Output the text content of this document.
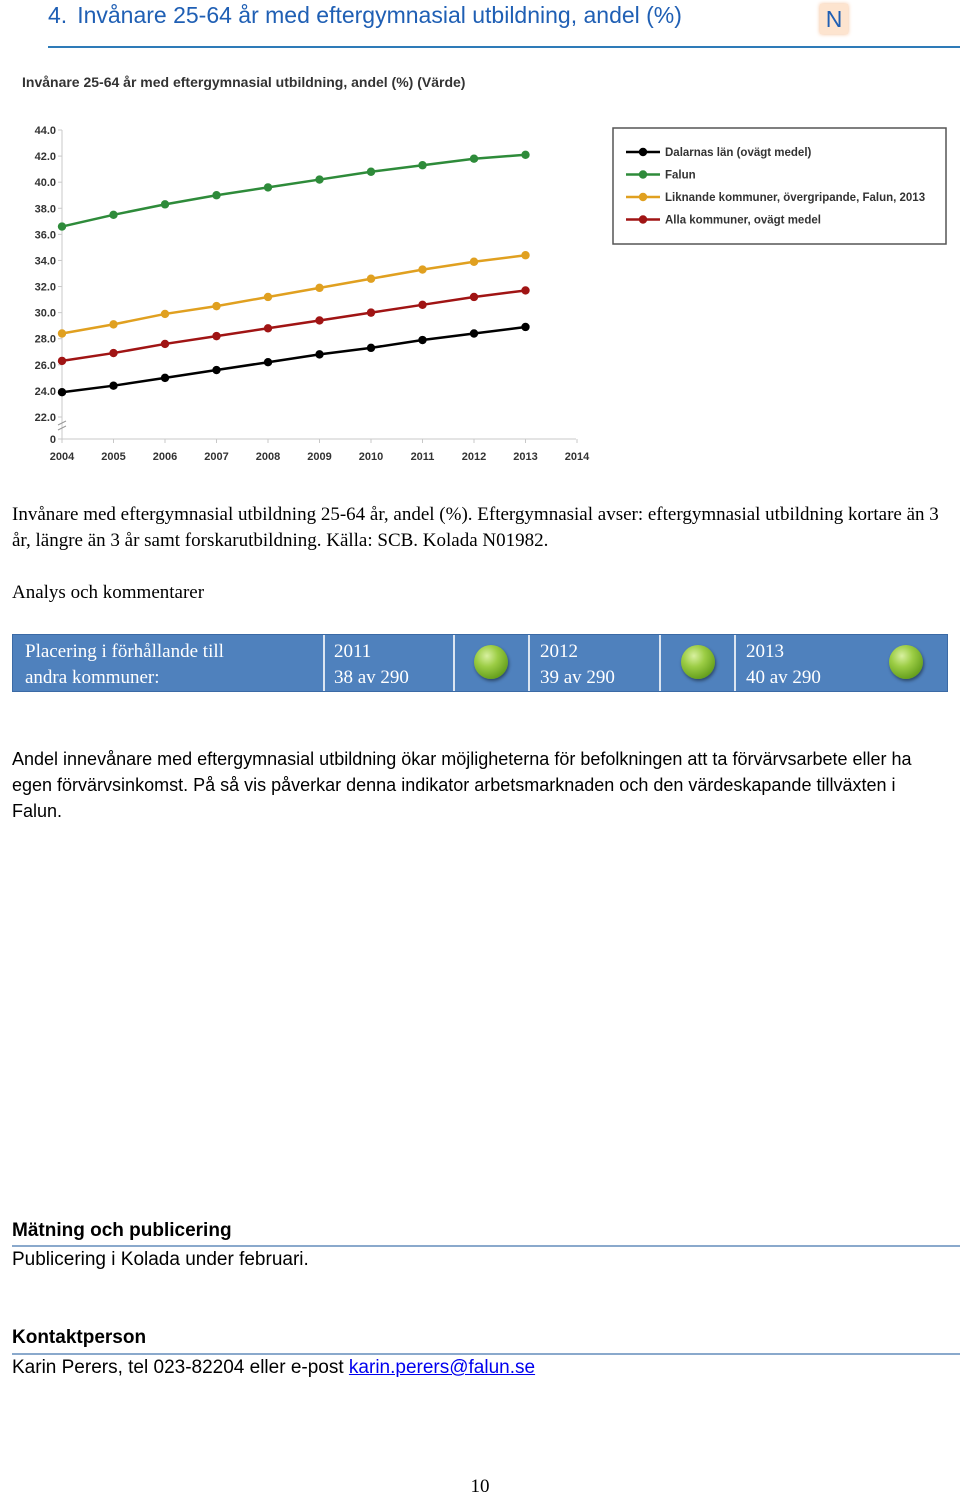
4. Invånare 25-64 år med eftergymnasial utbildning, andel (%)	N
Invånare 25-64 år med eftergymnasial utbildning, andel (%) (Värde)
0
22.0
24.0
26.0
28.0
30.0
32.0
34.0
36.0
38.0
40.0
42.0
44.0
2004 2005 2006 2007 2008 2009 2010 2011 2012 2013 2014
Dalarnas län (ovägt medel)
Falun
Liknande kommuner, övergripande, Falun, 2013
Alla kommuner, ovägt medel
Invånare med eftergymnasial utbildning 25-64 år, andel (%). Eftergymnasial avser: eftergymnasial utbildning kortare än 3 år, längre än 3 år samt forskarutbildning. Källa: SCB. Kolada N01982.
Analys och kommentarer
Placering i förhållande till
andra kommuner:
2011
38 av 290
2012
39 av 290
2013
40 av 290
Andel innevånare med eftergymnasial utbildning ökar möjligheterna för befolkningen att ta förvärvsarbete eller ha egen förvärvsinkomst. På så vis påverkar denna indikator arbetsmarknaden och den värdeskapande tillväxten i Falun.
Mätning och publicering
Publicering i Kolada under februari.
Kontaktperson
Karin Perers, tel 023-82204 eller e-post karin.perers@falun.se
10
